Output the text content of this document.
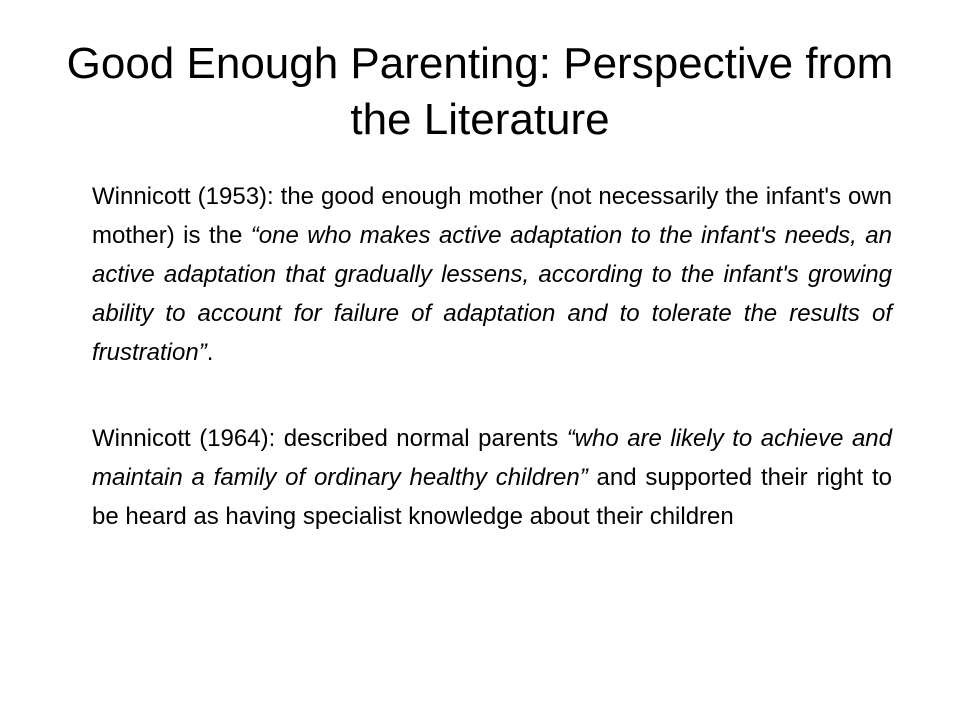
Good Enough Parenting: Perspective from the Literature

Winnicott (1953): the good enough mother (not necessarily the infant's own mother) is the “one who makes active adaptation to the infant's needs, an active adaptation that gradually lessens, according to the infant's growing ability to account for failure of adaptation and to tolerate the results of frustration”.

Winnicott (1964): described normal parents “who are likely to achieve and maintain a family of ordinary healthy children” and supported their right to be heard as having specialist knowledge about their children
